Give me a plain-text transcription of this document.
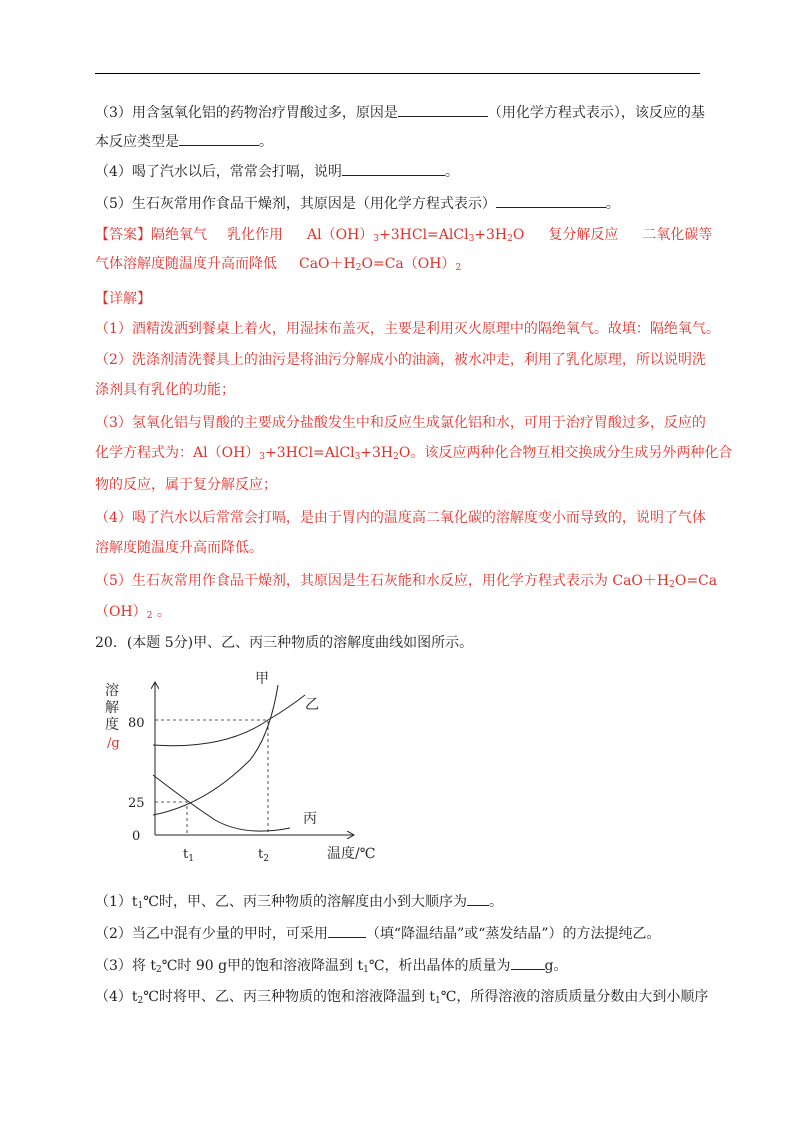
（3）用含氢氧化铝的药物治疗胃酸过多，原因是	（用化学方程式表示），该反应的基
本反应类型是	。
（4）喝了汽水以后，常常会打嗝，说明	。
（5）生石灰常用作食品干燥剂，其原因是（用化学方程式表示）	。
【答案】隔绝氧气 乳化作用 $Al(OH)_3+3HCl=AlCl_3+3H_2O$ 复分解反应 二氧化碳等
气体溶解度随温度升高而降低 $CaO+H_2O=Ca(OH)_2$
【详解】
（1）酒精泼洒到餐桌上着火，用湿抹布盖灭，主要是利用灭火原理中的隔绝氧气。故填：隔绝氧气。
（2）洗涤剂清洗餐具上的油污是将油污分解成小的油滴，被水冲走，利用了乳化原理，所以说明洗
涤剂具有乳化的功能；
（3）氢氧化铝与胃酸的主要成分盐酸发生中和反应生成氯化铝和水，可用于治疗胃酸过多，反应的
化学方程式为：$Al(OH)_3+3HCl=AlCl_3+3H_2O$。该反应两种化合物互相交换成分生成另外两种化合
物的反应，属于复分解反应；
（4）喝了汽水以后常常会打嗝，是由于胃内的温度高二氧化碳的溶解度变小而导致的，说明了气体
溶解度随温度升高而降低。
（5）生石灰常用作食品干燥剂，其原因是生石灰能和水反应，用化学方程式表示为 $CaO+H_2O=Ca$
$(OH)_2$ 。
20．(本题 5分)甲、乙、丙三种物质的溶解度曲线如图所示。
溶
解
度
/g
80
25
0
$t_1$	$t_2$	温度/℃
甲
乙
丙
$(1)t_1℃$时，甲、乙、丙三种物质的溶解度由小到大顺序为 。
（2）当乙中混有少量的甲时，可采用	（填“降温结晶”或“蒸发结晶”）的方法提纯乙。
（3）将 $t_2℃$时 90 g甲的饱和溶液降温到 $t_1℃$，析出晶体的质量为 g。
$(4)t_2℃$时将甲、乙、丙三种物质的饱和溶液降温到 $t_1℃$，所得溶液的溶质质量分数由大到小顺序
